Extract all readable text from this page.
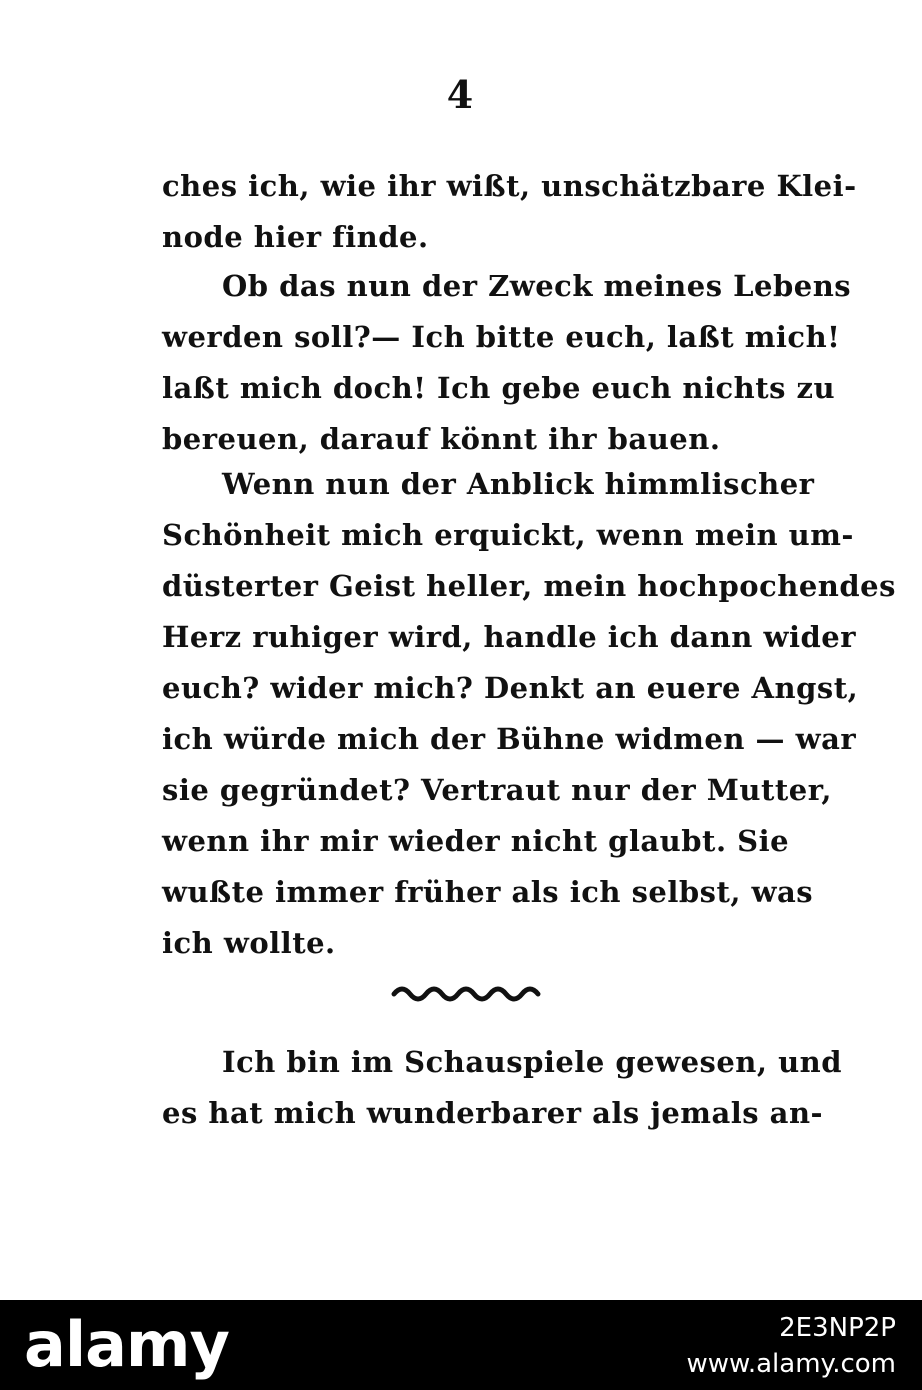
4
ches ich, wie ihr wißt, unschätzbare Klei-
node hier finde.
Ob das nun der Zweck meines Lebens
werden soll?— Ich bitte euch, laßt mich!
laßt mich doch! Ich gebe euch nichts zu
bereuen, darauf könnt ihr bauen.
Wenn nun der Anblick himmlischer
Schönheit mich erquickt, wenn mein um-
düsterter Geist heller, mein hochpochendes
Herz ruhiger wird, handle ich dann wider
euch? wider mich? Denkt an euere Angst,
ich würde mich der Bühne widmen — war
sie gegründet? Vertraut nur der Mutter,
wenn ihr mir wieder nicht glaubt. Sie
wußte immer früher als ich selbst, was
ich wollte.
Ich bin im Schauspiele gewesen, und
es hat mich wunderbarer als jemals an-
alamy	2E3NP2P
www.alamy.com
